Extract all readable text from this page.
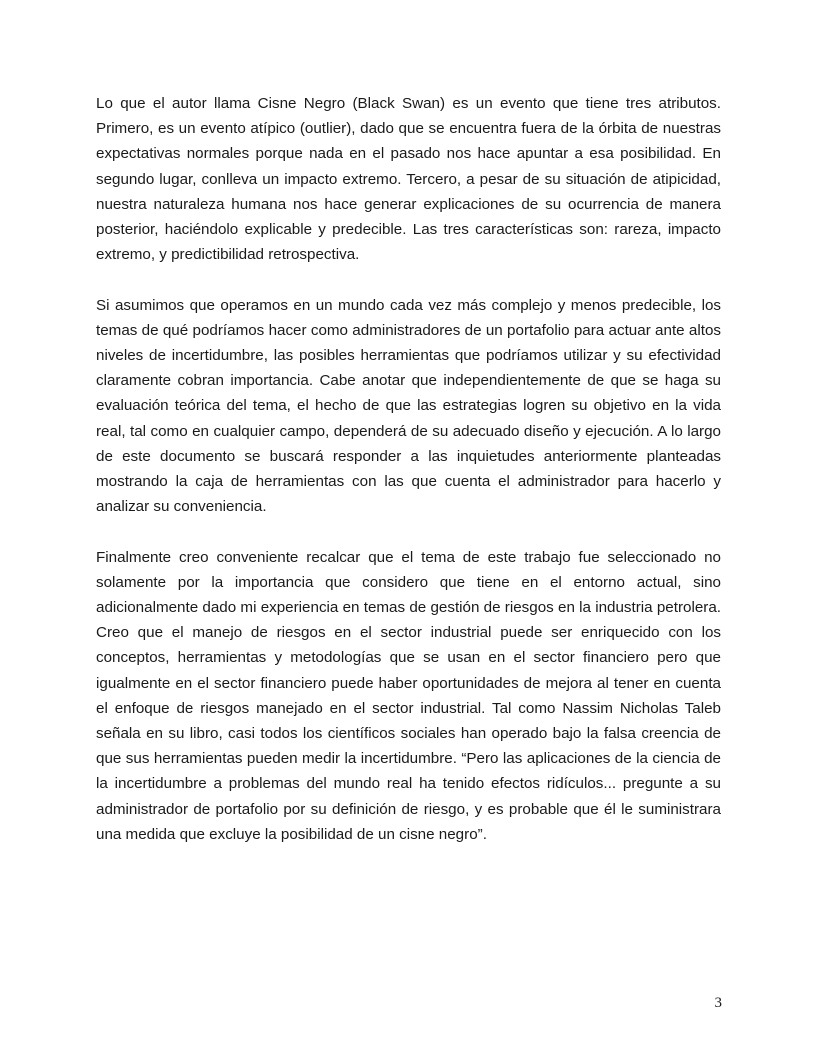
Lo que el autor llama Cisne Negro (Black Swan) es un evento que tiene tres atributos. Primero, es un evento atípico (outlier), dado que se encuentra fuera de la órbita de nuestras expectativas normales porque nada en el pasado nos hace apuntar a esa posibilidad. En segundo lugar, conlleva un impacto extremo. Tercero, a pesar de su situación de atipicidad, nuestra naturaleza humana nos hace generar explicaciones de su ocurrencia de manera posterior, haciéndolo explicable y predecible. Las tres características son: rareza, impacto extremo, y predictibilidad retrospectiva.

Si asumimos que operamos en un mundo cada vez más complejo y menos predecible, los temas de qué podríamos hacer como administradores de un portafolio para actuar ante altos niveles de incertidumbre, las posibles herramientas que podríamos utilizar y su efectividad claramente cobran importancia. Cabe anotar que independientemente de que se haga su evaluación teórica del tema, el hecho de que las estrategias logren su objetivo en la vida real, tal como en cualquier campo, dependerá de su adecuado diseño y ejecución. A lo largo de este documento se buscará responder a las inquietudes anteriormente planteadas mostrando la caja de herramientas con las que cuenta el administrador para hacerlo y analizar su conveniencia.

Finalmente creo conveniente recalcar que el tema de este trabajo fue seleccionado no solamente por la importancia que considero que tiene en el entorno actual, sino adicionalmente dado mi experiencia en temas de gestión de riesgos en la industria petrolera. Creo que el manejo de riesgos en el sector industrial puede ser enriquecido con los conceptos, herramientas y metodologías que se usan en el sector financiero pero que igualmente en el sector financiero puede haber oportunidades de mejora al tener en cuenta el enfoque de riesgos manejado en el sector industrial. Tal como Nassim Nicholas Taleb señala en su libro, casi todos los científicos sociales han operado bajo la falsa creencia de que sus herramientas pueden medir la incertidumbre. “Pero las aplicaciones de la ciencia de la incertidumbre a problemas del mundo real ha tenido efectos ridículos... pregunte a su administrador de portafolio por su definición de riesgo, y es probable que él le suministrara una medida que excluye la posibilidad de un cisne negro”.

3
